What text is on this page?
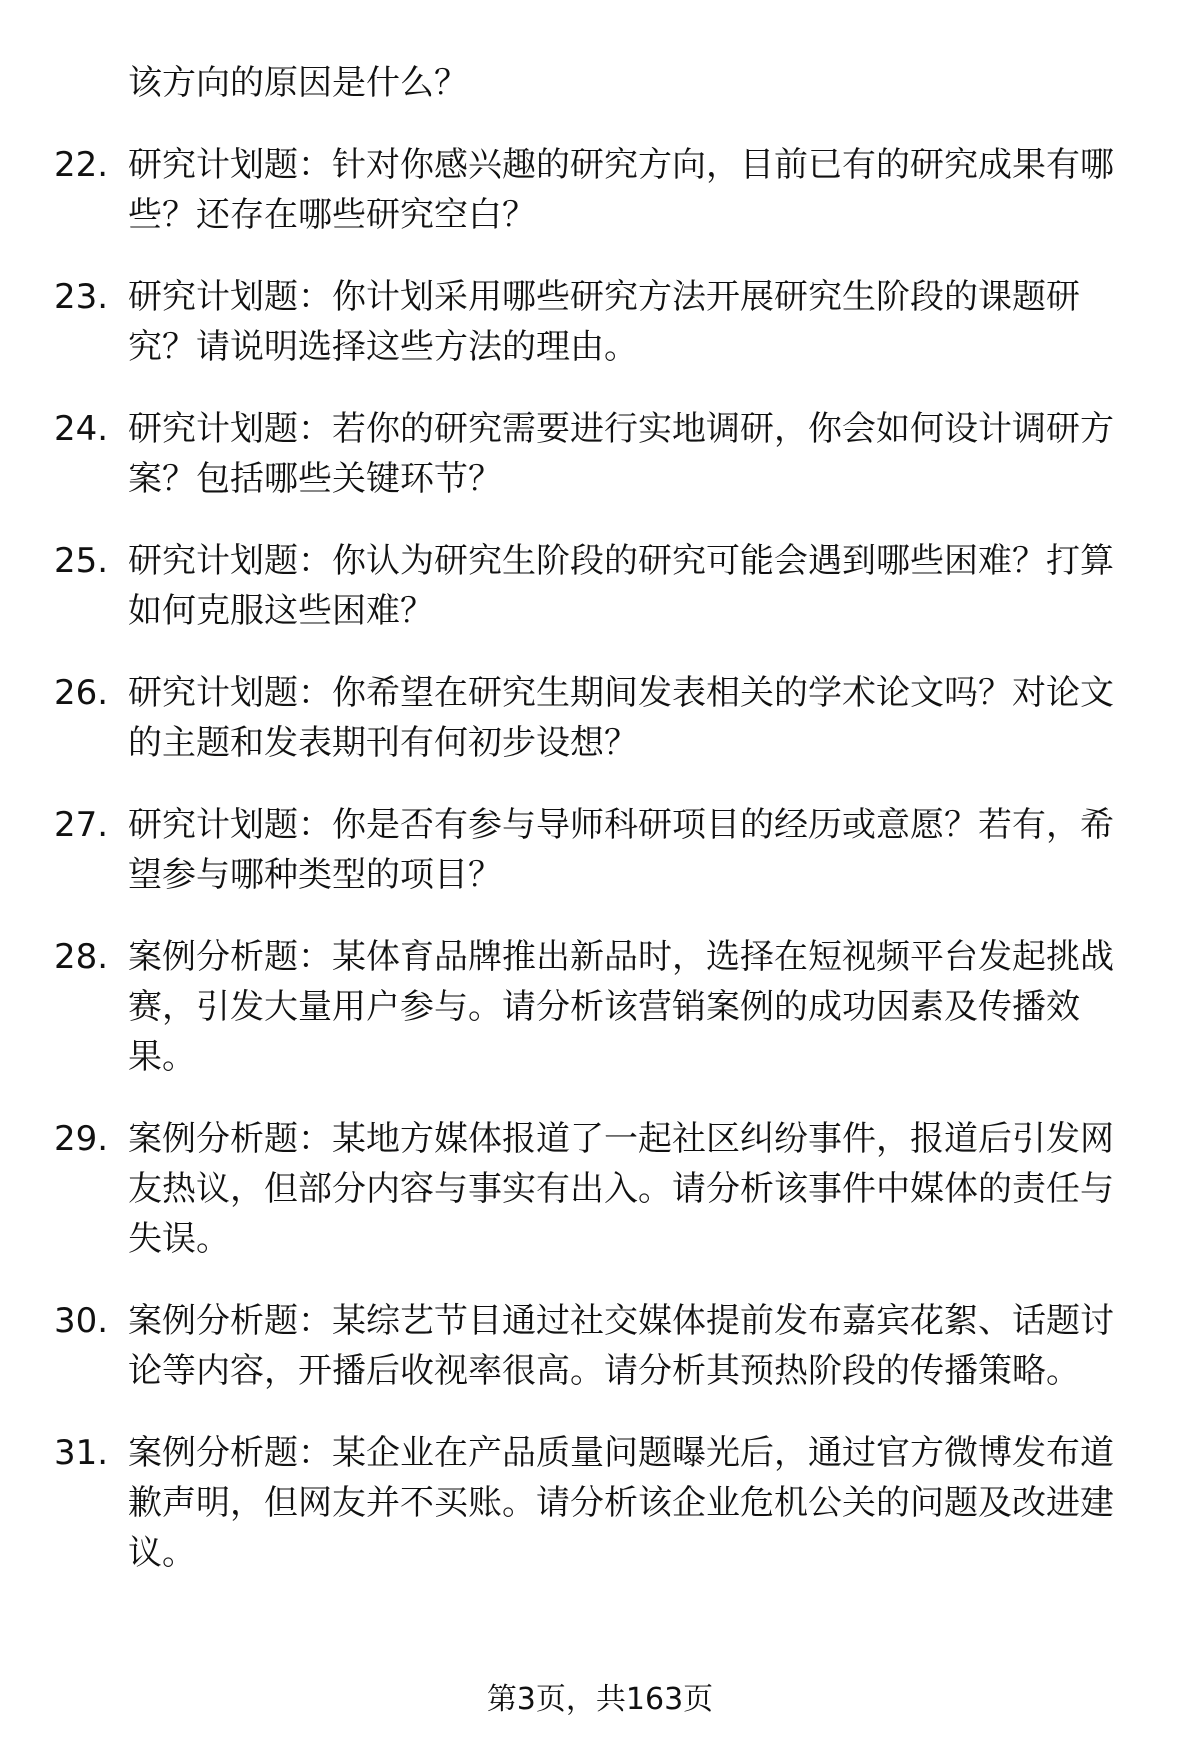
该方向的原因是什么？
22. 研究计划题：针对你感兴趣的研究方向，目前已有的研究成果有哪些？还存在哪些研究空白？
23. 研究计划题：你计划采用哪些研究方法开展研究生阶段的课题研究？请说明选择这些方法的理由。
24. 研究计划题：若你的研究需要进行实地调研，你会如何设计调研方案？包括哪些关键环节？
25. 研究计划题：你认为研究生阶段的研究可能会遇到哪些困难？打算如何克服这些困难？
26. 研究计划题：你希望在研究生期间发表相关的学术论文吗？对论文的主题和发表期刊有何初步设想？
27. 研究计划题：你是否有参与导师科研项目的经历或意愿？若有，希望参与哪种类型的项目？
28. 案例分析题：某体育品牌推出新品时，选择在短视频平台发起挑战赛，引发大量用户参与。请分析该营销案例的成功因素及传播效果。
29. 案例分析题：某地方媒体报道了一起社区纠纷事件，报道后引发网友热议，但部分内容与事实有出入。请分析该事件中媒体的责任与失误。
30. 案例分析题：某综艺节目通过社交媒体提前发布嘉宾花絮、话题讨论等内容，开播后收视率很高。请分析其预热阶段的传播策略。
31. 案例分析题：某企业在产品质量问题曝光后，通过官方微博发布道歉声明，但网友并不买账。请分析该企业危机公关的问题及改进建议。
第3页，共163页
